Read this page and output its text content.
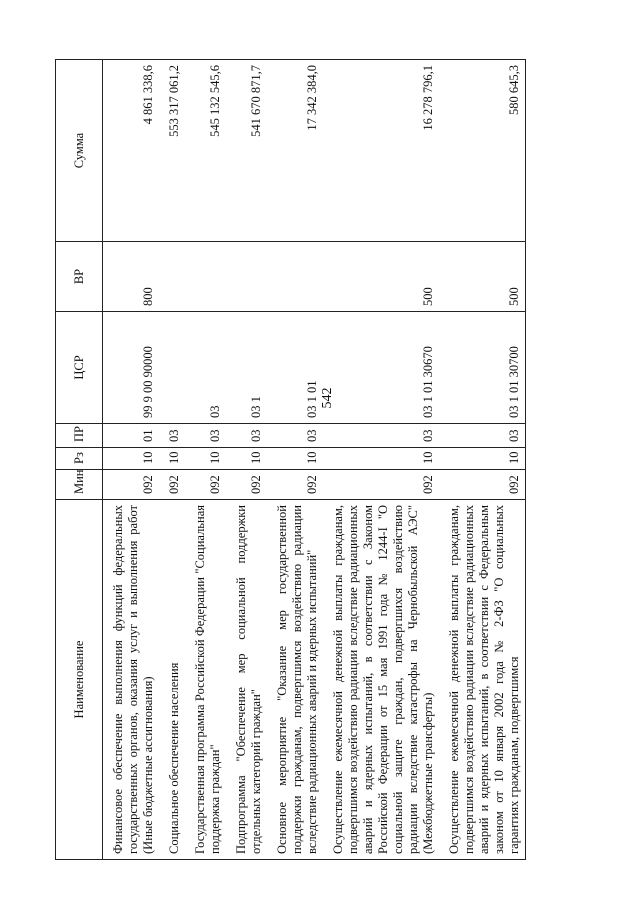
542
Наименование	Мин	Рз	ПР	ЦСР	ВР	Сумма
Финансовое обеспечение выполнения функций федеральных государственных органов, оказания услуг и выполнения работ (Иные бюджетные ассигнования)	092	10	01	99 9 00 90000	800	4 861 338,6
Социальное обеспечение населения	092	10	03			553 317 061,2
Государственная программа Российской Федерации "Социальная поддержка граждан"	092	10	03	03		545 132 545,6
Подпрограмма "Обеспечение мер социальной поддержки отдельных категорий граждан"	092	10	03	03 1		541 670 871,7
Основное мероприятие "Оказание мер государственной поддержки гражданам, подвергшимся воздействию радиации вследствие радиационных аварий и ядерных испытаний"	092	10	03	03 1 01		17 342 384,0
Осуществление ежемесячной денежной выплаты гражданам, подвергшимся воздействию радиации вследствие радиационных аварий и ядерных испытаний, в соответствии с Законом Российской Федерации от 15 мая 1991 года № 1244-I "О социальной защите граждан, подвергшихся воздействию радиации вследствие катастрофы на Чернобыльской АЭС" (Межбюджетные трансферты)	092	10	03	03 1 01 30670	500	16 278 796,1
Осуществление ежемесячной денежной выплаты гражданам, подвергшимся воздействию радиации вследствие радиационных аварий и ядерных испытаний, в соответствии с Федеральным законом от 10 января 2002 года № 2-ФЗ "О социальных гарантиях гражданам, подвергшимся	092	10	03	03 1 01 30700	500	580 645,3
